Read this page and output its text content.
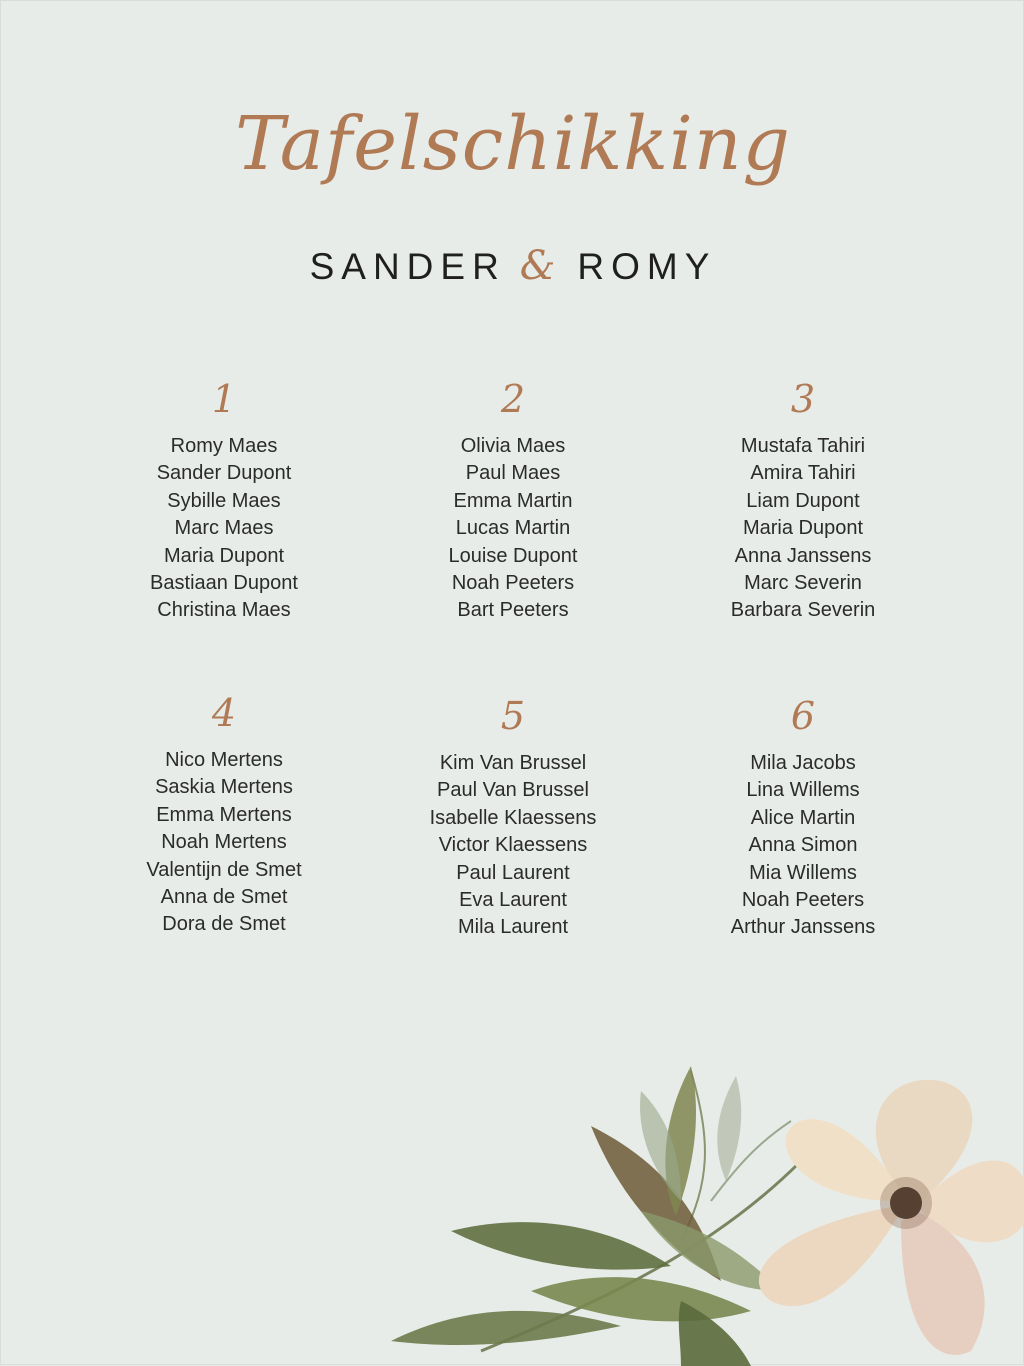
Tafelschikking
SANDER & ROMY
1
Romy Maes
Sander Dupont
Sybille Maes
Marc Maes
Maria Dupont
Bastiaan Dupont
Christina Maes
2
Olivia Maes
Paul Maes
Emma Martin
Lucas Martin
Louise Dupont
Noah Peeters
Bart Peeters
3
Mustafa Tahiri
Amira Tahiri
Liam Dupont
Maria Dupont
Anna Janssens
Marc Severin
Barbara Severin
4
Nico Mertens
Saskia Mertens
Emma Mertens
Noah Mertens
Valentijn de Smet
Anna de Smet
Dora de Smet
5
Kim Van Brussel
Paul Van Brussel
Isabelle Klaessens
Victor Klaessens
Paul Laurent
Eva Laurent
Mila Laurent
6
Mila Jacobs
Lina Willems
Alice Martin
Anna Simon
Mia Willems
Noah Peeters
Arthur Janssens
